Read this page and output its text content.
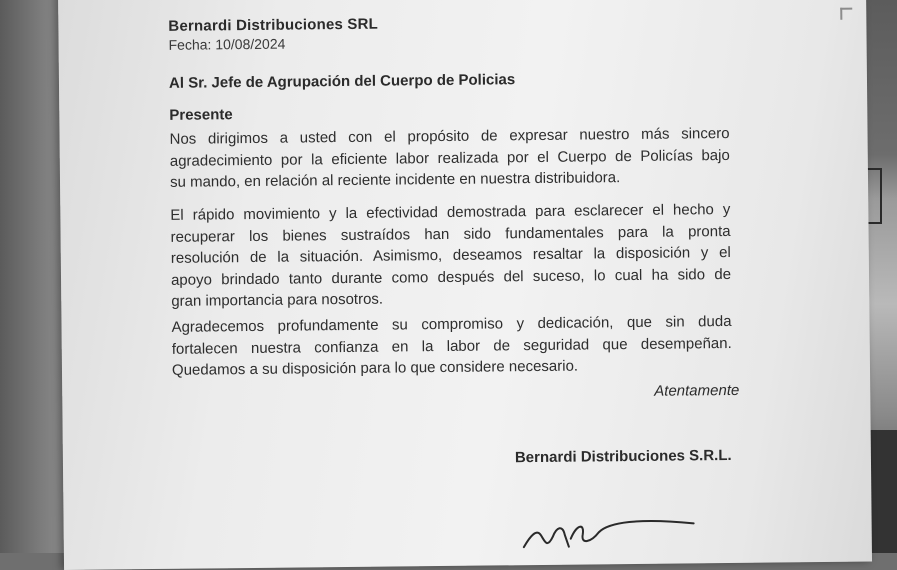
Bernardi Distribuciones SRL
Fecha: 10/08/2024
Al Sr. Jefe de Agrupación del Cuerpo de Policias
Presente
Nos dirigimos a usted con el propósito de expresar nuestro más sincero
agradecimiento por la eficiente labor realizada por el Cuerpo de Policías bajo
su mando, en relación al reciente incidente en nuestra distribuidora.
El rápido movimiento y la efectividad demostrada para esclarecer el hecho y
recuperar los bienes sustraídos han sido fundamentales para la pronta
resolución de la situación. Asimismo, deseamos resaltar la disposición y el
apoyo brindado tanto durante como después del suceso, lo cual ha sido de
gran importancia para nosotros.
Agradecemos profundamente su compromiso y dedicación, que sin duda
fortalecen nuestra confianza en la labor de seguridad que desempeñan.
Quedamos a su disposición para lo que considere necesario.
Atentamente
Bernardi Distribuciones S.R.L.
